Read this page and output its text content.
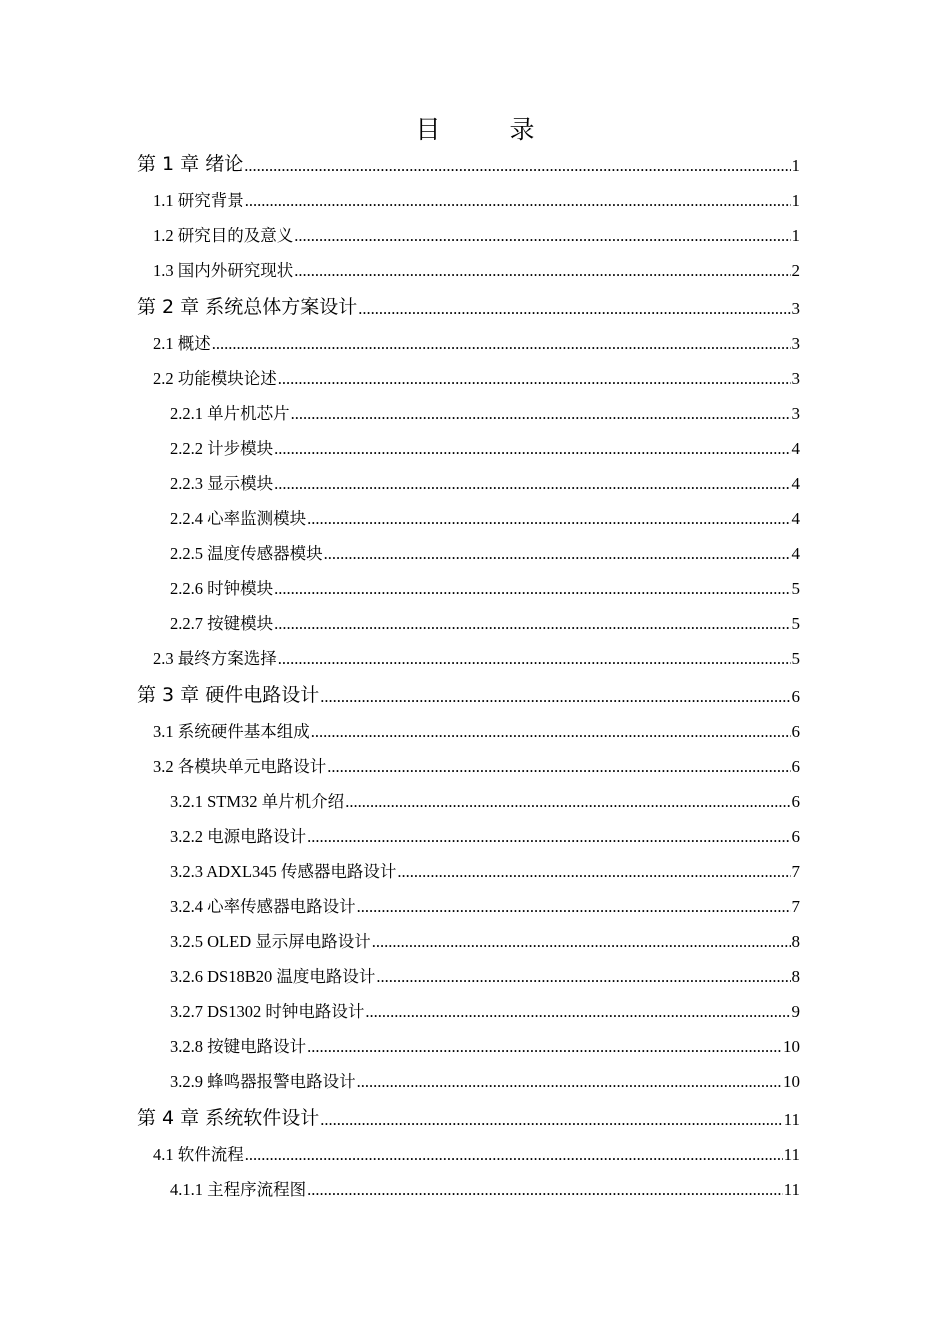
目　录
第 1 章 绪论 .....	1
1.1 研究背景 .....	1
1.2 研究目的及意义 .....	1
1.3 国内外研究现状 .....	2
第 2 章 系统总体方案设计 .....	3
2.1 概述 .....	3
2.2 功能模块论述 .....	3
2.2.1 单片机芯片 .....	3
2.2.2 计步模块 .....	4
2.2.3 显示模块 .....	4
2.2.4 心率监测模块 .....	4
2.2.5 温度传感器模块 .....	4
2.2.6 时钟模块 .....	5
2.2.7 按键模块 .....	5
2.3 最终方案选择 .....	5
第 3 章 硬件电路设计 .....	6
3.1 系统硬件基本组成 .....	6
3.2 各模块单元电路设计 .....	6
3.2.1 STM32 单片机介绍 .....	6
3.2.2 电源电路设计 .....	6
3.2.3 ADXL345 传感器电路设计 .....	7
3.2.4 心率传感器电路设计 .....	7
3.2.5 OLED 显示屏电路设计 .....	8
3.2.6 DS18B20 温度电路设计 .....	8
3.2.7 DS1302 时钟电路设计 .....	9
3.2.8 按键电路设计 .....	10
3.2.9 蜂鸣器报警电路设计 .....	10
第 4 章 系统软件设计 .....	11
4.1 软件流程 .....	11
4.1.1 主程序流程图 .....	11
